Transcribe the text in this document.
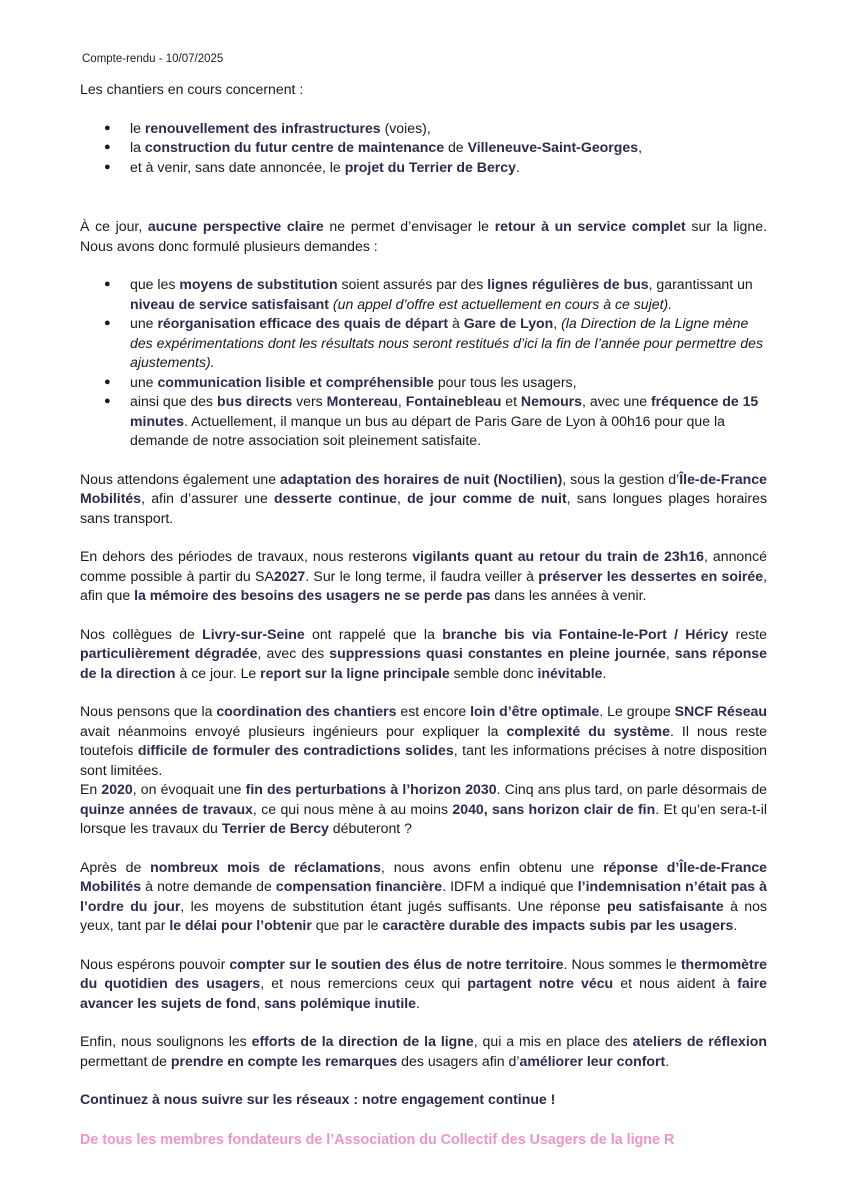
Compte-rendu - 10/07/2025

Les chantiers en cours concernent :

● le renouvellement des infrastructures (voies),
● la construction du futur centre de maintenance de Villeneuve-Saint-Georges,
● et à venir, sans date annoncée, le projet du Terrier de Bercy.

À ce jour, aucune perspective claire ne permet d’envisager le retour à un service complet sur la ligne. Nous avons donc formulé plusieurs demandes :

● que les moyens de substitution soient assurés par des lignes régulières de bus, garantissant un niveau de service satisfaisant (un appel d’offre est actuellement en cours à ce sujet).
● une réorganisation efficace des quais de départ à Gare de Lyon, (la Direction de la Ligne mène des expérimentations dont les résultats nous seront restitués d’ici la fin de l’année pour permettre des ajustements).
● une communication lisible et compréhensible pour tous les usagers,
● ainsi que des bus directs vers Montereau, Fontainebleau et Nemours, avec une fréquence de 15 minutes. Actuellement, il manque un bus au départ de Paris Gare de Lyon à 00h16 pour que la demande de notre association soit pleinement satisfaite.

Nous attendons également une adaptation des horaires de nuit (Noctilien), sous la gestion d’Île-de-France Mobilités, afin d’assurer une desserte continue, de jour comme de nuit, sans longues plages horaires sans transport.

En dehors des périodes de travaux, nous resterons vigilants quant au retour du train de 23h16, annoncé comme possible à partir du SA2027. Sur le long terme, il faudra veiller à préserver les dessertes en soirée, afin que la mémoire des besoins des usagers ne se perde pas dans les années à venir.

Nos collègues de Livry-sur-Seine ont rappelé que la branche bis via Fontaine-le-Port / Héricy reste particulièrement dégradée, avec des suppressions quasi constantes en pleine journée, sans réponse de la direction à ce jour. Le report sur la ligne principale semble donc inévitable.

Nous pensons que la coordination des chantiers est encore loin d’être optimale. Le groupe SNCF Réseau avait néanmoins envoyé plusieurs ingénieurs pour expliquer la complexité du système. Il nous reste toutefois difficile de formuler des contradictions solides, tant les informations précises à notre disposition sont limitées.

En 2020, on évoquait une fin des perturbations à l’horizon 2030. Cinq ans plus tard, on parle désormais de quinze années de travaux, ce qui nous mène à au moins 2040, sans horizon clair de fin. Et qu’en sera-t-il lorsque les travaux du Terrier de Bercy débuteront ?

Après de nombreux mois de réclamations, nous avons enfin obtenu une réponse d’Île-de-France Mobilités à notre demande de compensation financière. IDFM a indiqué que l’indemnisation n’était pas à l’ordre du jour, les moyens de substitution étant jugés suffisants. Une réponse peu satisfaisante à nos yeux, tant par le délai pour l’obtenir que par le caractère durable des impacts subis par les usagers.

Nous espérons pouvoir compter sur le soutien des élus de notre territoire. Nous sommes le thermomètre du quotidien des usagers, et nous remercions ceux qui partagent notre vécu et nous aident à faire avancer les sujets de fond, sans polémique inutile.

Enfin, nous soulignons les efforts de la direction de la ligne, qui a mis en place des ateliers de réflexion permettant de prendre en compte les remarques des usagers afin d’améliorer leur confort.

Continuez à nous suivre sur les réseaux : notre engagement continue !

De tous les membres fondateurs de l’Association du Collectif des Usagers de la ligne R
